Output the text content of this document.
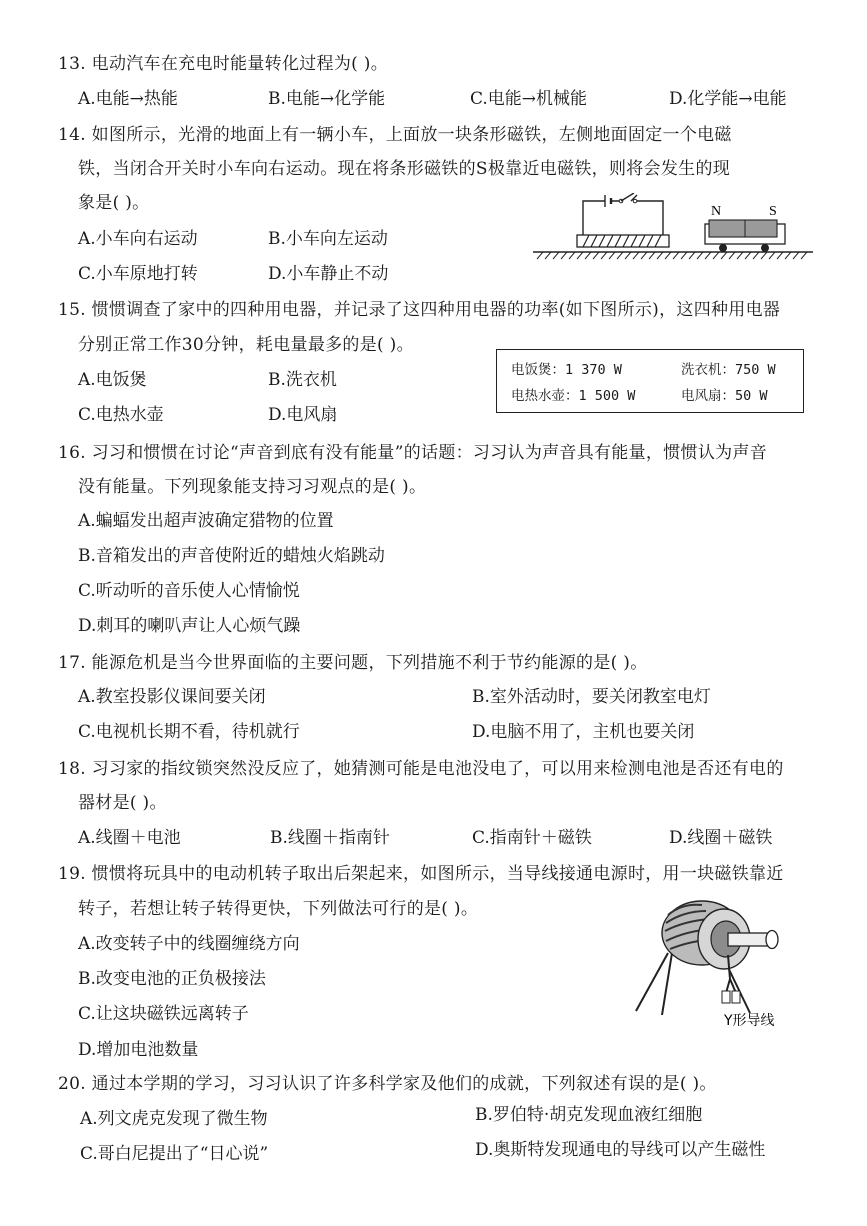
13. 电动汽车在充电时能量转化过程为( )。
A.电能→热能	B.电能→化学能	C.电能→机械能	D.化学能→电能
14. 如图所示，光滑的地面上有一辆小车，上面放一块条形磁铁，左侧地面固定一个电磁
铁，当闭合开关时小车向右运动。现在将条形磁铁的S极靠近电磁铁，则将会发生的现
象是( )。
A.小车向右运动	B.小车向左运动
C.小车原地打转	D.小车静止不动
N	S
15. 惯惯调查了家中的四种用电器，并记录了这四种用电器的功率(如下图所示)，这四种用电器
分别正常工作30分钟，耗电量最多的是( )。
A.电饭煲	B.洗衣机
C.电热水壶	D.电风扇
电饭煲：1 370 W	洗衣机：750 W
电热水壶：1 500 W	电风扇：50 W
16. 习习和惯惯在讨论“声音到底有没有能量”的话题：习习认为声音具有能量，惯惯认为声音
没有能量。下列现象能支持习习观点的是( )。
A.蝙蝠发出超声波确定猎物的位置
B.音箱发出的声音使附近的蜡烛火焰跳动
C.听动听的音乐使人心情愉悦
D.刺耳的喇叭声让人心烦气躁
17. 能源危机是当今世界面临的主要问题，下列措施不利于节约能源的是( )。
A.教室投影仪课间要关闭	B.室外活动时，要关闭教室电灯
C.电视机长期不看，待机就行	D.电脑不用了，主机也要关闭
18. 习习家的指纹锁突然没反应了，她猜测可能是电池没电了，可以用来检测电池是否还有电的
器材是( )。
A.线圈＋电池	B.线圈＋指南针	C.指南针＋磁铁	D.线圈＋磁铁
19. 惯惯将玩具中的电动机转子取出后架起来，如图所示，当导线接通电源时，用一块磁铁靠近
转子，若想让转子转得更快，下列做法可行的是( )。
A.改变转子中的线圈缠绕方向
B.改变电池的正负极接法
C.让这块磁铁远离转子
D.增加电池数量
Y形导线
20. 通过本学期的学习，习习认识了许多科学家及他们的成就，下列叙述有误的是( )。
A.列文虎克发现了微生物	B.罗伯特·胡克发现血液红细胞
C.哥白尼提出了“日心说”	D.奥斯特发现通电的导线可以产生磁性
